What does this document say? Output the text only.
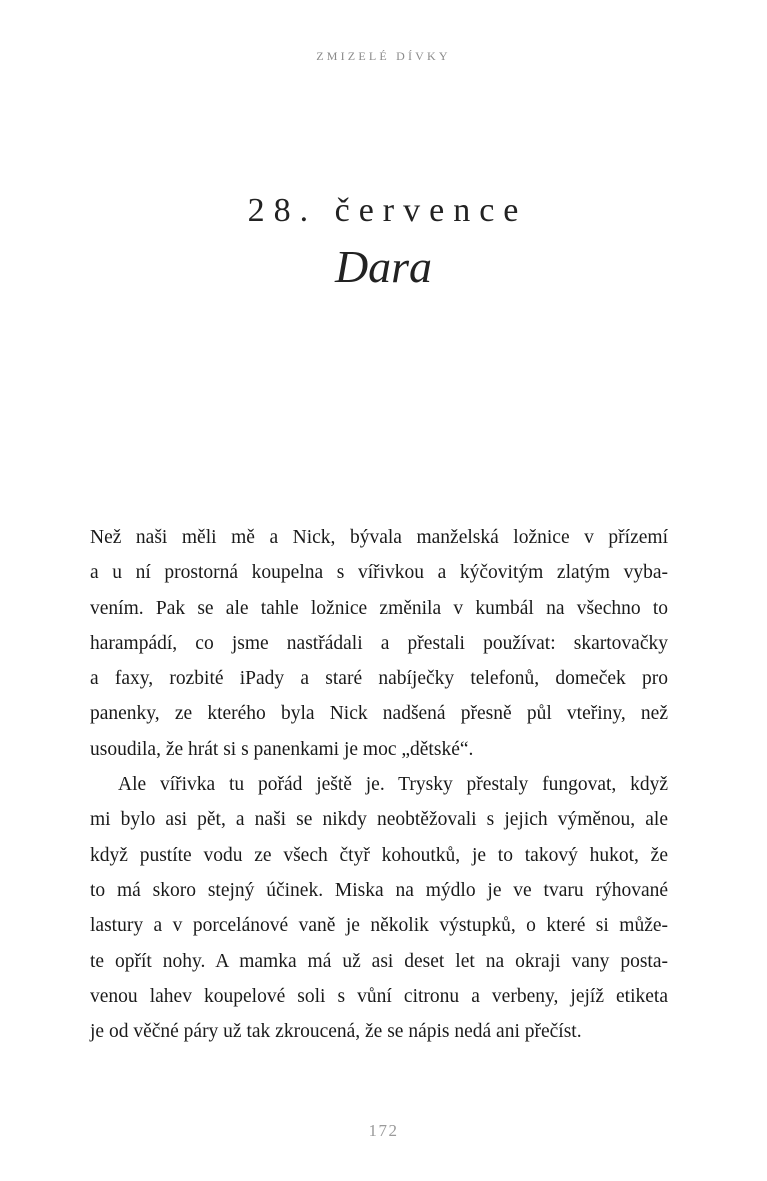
ZMIZELÉ DÍVKY
28. července
Dara
Než naši měli mě a Nick, bývala manželská ložnice v přízemí
a u ní prostorná koupelna s vířivkou a kýčovitým zlatým vyba-
vením. Pak se ale tahle ložnice změnila v kumbál na všechno to
harampádí, co jsme nastřádali a přestali používat: skartovačky
a faxy, rozbité iPady a staré nabíječky telefonů, domeček pro
panenky, ze kterého byla Nick nadšená přesně půl vteřiny, než
usoudila, že hrát si s panenkami je moc „dětské“.
Ale vířivka tu pořád ještě je. Trysky přestaly fungovat, když
mi bylo asi pět, a naši se nikdy neobtěžovali s jejich výměnou, ale
když pustíte vodu ze všech čtyř kohoutků, je to takový hukot, že
to má skoro stejný účinek. Miska na mýdlo je ve tvaru rýhované
lastury a v porcelánové vaně je několik výstupků, o které si může-
te opřít nohy. A mamka má už asi deset let na okraji vany posta-
venou lahev koupelové soli s vůní citronu a verbeny, jejíž etiketa
je od věčné páry už tak zkroucená, že se nápis nedá ani přečíst.
172
